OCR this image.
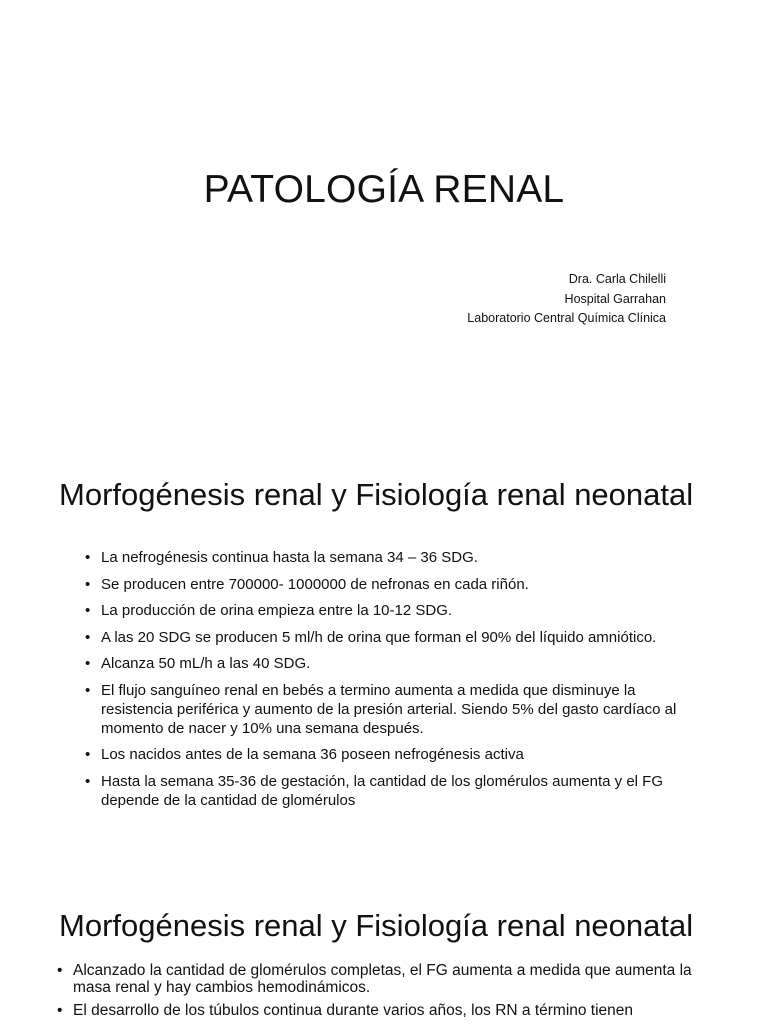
PATOLOGÍA RENAL
Dra. Carla Chilelli
Hospital Garrahan
Laboratorio Central Química Clínica
Morfogénesis renal y Fisiología renal neonatal
• La nefrogénesis continua hasta la semana 34 – 36 SDG.
• Se producen entre 700000- 1000000 de nefronas en cada riñón.
• La producción de orina empieza entre la 10-12 SDG.
• A las 20 SDG se producen 5 ml/h de orina que forman el 90% del líquido amniótico.
• Alcanza 50 mL/h a las 40 SDG.
• El flujo sanguíneo renal en bebés a termino aumenta a medida que disminuye la resistencia periférica y aumento de la presión arterial. Siendo 5% del gasto cardíaco al momento de nacer y 10% una semana después.
• Los nacidos antes de la semana 36 poseen nefrogénesis activa
• Hasta la semana 35-36 de gestación, la cantidad de los glomérulos aumenta y el FG depende de la cantidad de glomérulos
Morfogénesis renal y Fisiología renal neonatal
• Alcanzado la cantidad de glomérulos completas, el FG aumenta a medida que aumenta la masa renal y hay cambios hemodinámicos.
• El desarrollo de los túbulos continua durante varios años, los RN a término tienen
